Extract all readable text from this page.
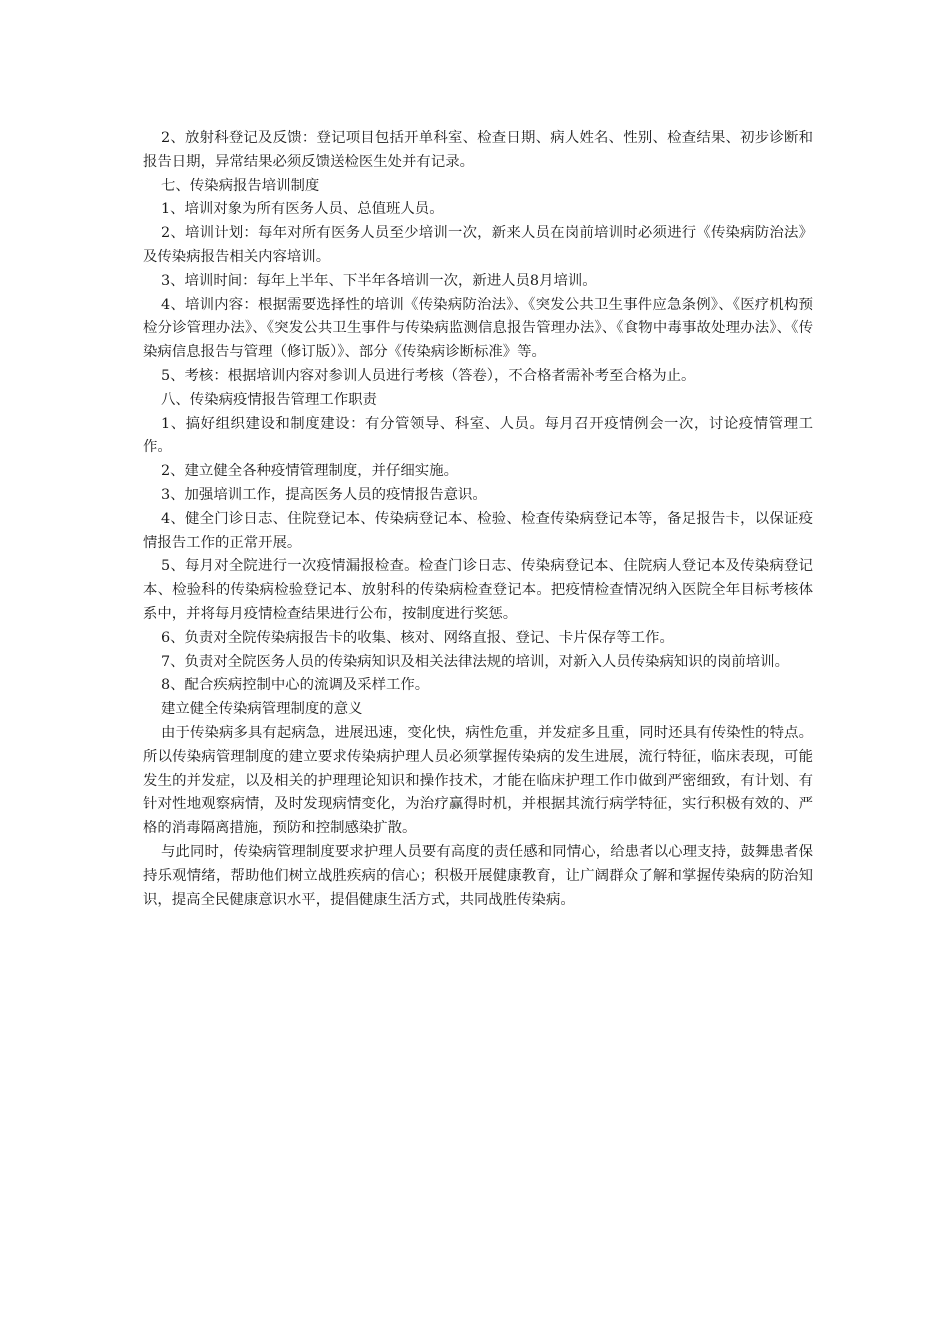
2、放射科登记及反馈：登记项目包括开单科室、检查日期、病人姓名、性别、检查结果、初步诊断和报告日期，异常结果必须反馈送检医生处并有记录。

七、传染病报告培训制度

1、培训对象为所有医务人员、总值班人员。

2、培训计划：每年对所有医务人员至少培训一次，新来人员在岗前培训时必须进行《传染病防治法》及传染病报告相关内容培训。

3、培训时间：每年上半年、下半年各培训一次，新进人员8月培训。

4、培训内容：根据需要选择性的培训《传染病防治法》、《突发公共卫生事件应急条例》、《医疗机构预检分诊管理办法》、《突发公共卫生事件与传染病监测信息报告管理办法》、《食物中毒事故处理办法》、《传染病信息报告与管理（修订版）》、部分《传染病诊断标准》等。

5、考核：根据培训内容对参训人员进行考核（答卷），不合格者需补考至合格为止。

八、传染病疫情报告管理工作职责

1、搞好组织建设和制度建设：有分管领导、科室、人员。每月召开疫情例会一次，讨论疫情管理工作。

2、建立健全各种疫情管理制度，并仔细实施。

3、加强培训工作，提高医务人员的疫情报告意识。

4、健全门诊日志、住院登记本、传染病登记本、检验、检查传染病登记本等，备足报告卡，以保证疫情报告工作的正常开展。

5、每月对全院进行一次疫情漏报检查。检查门诊日志、传染病登记本、住院病人登记本及传染病登记本、检验科的传染病检验登记本、放射科的传染病检查登记本。把疫情检查情况纳入医院全年目标考核体系中，并将每月疫情检查结果进行公布，按制度进行奖惩。

6、负责对全院传染病报告卡的收集、核对、网络直报、登记、卡片保存等工作。

7、负责对全院医务人员的传染病知识及相关法律法规的培训，对新入人员传染病知识的岗前培训。

8、配合疾病控制中心的流调及采样工作。

建立健全传染病管理制度的意义

由于传染病多具有起病急，进展迅速，变化快，病性危重，并发症多且重，同时还具有传染性的特点。所以传染病管理制度的建立要求传染病护理人员必须掌握传染病的发生进展，流行特征，临床表现，可能发生的并发症，以及相关的护理理论知识和操作技术，才能在临床护理工作巾做到严密细致，有计划、有针对性地观察病情，及时发现病情变化，为治疗赢得时机，并根据其流行病学特征，实行积极有效的、严格的消毒隔离措施，预防和控制感染扩散。

与此同时，传染病管理制度要求护理人员要有高度的责任感和同情心，给患者以心理支持，鼓舞患者保持乐观情绪，帮助他们树立战胜疾病的信心；积极开展健康教育，让广阔群众了解和掌握传染病的防治知识，提高全民健康意识水平，提倡健康生活方式，共同战胜传染病。
